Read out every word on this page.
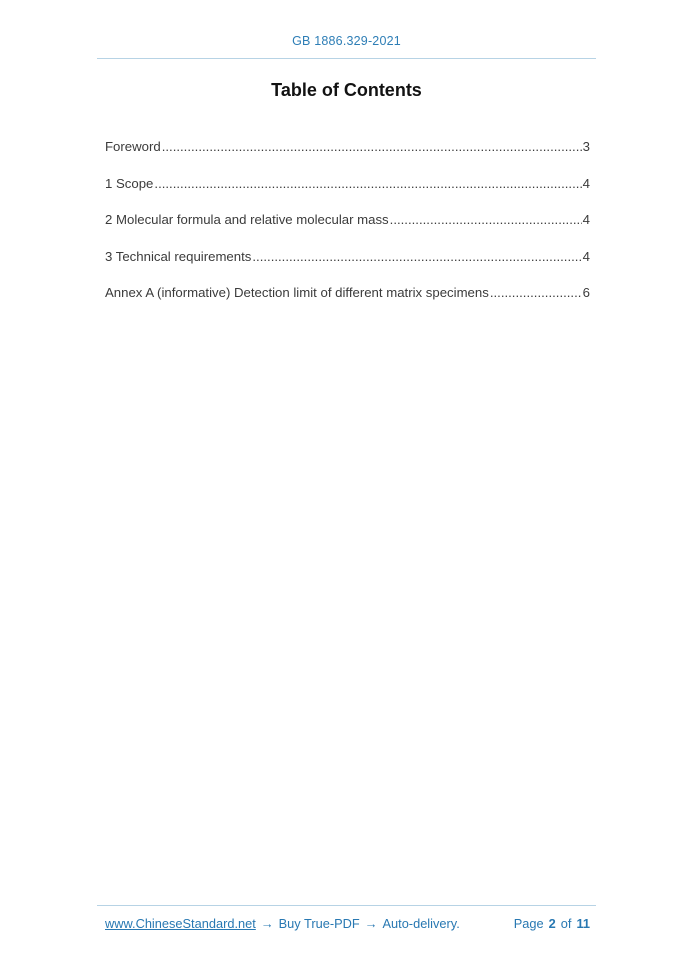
GB 1886.329-2021
Table of Contents
Foreword .....	3
1 Scope .....	4
2 Molecular formula and relative molecular mass .....	4
3 Technical requirements .....	4
Annex A (informative) Detection limit of different matrix specimens .....	6
www.ChineseStandard.net → Buy True-PDF → Auto-delivery.	Page 2 of 11
